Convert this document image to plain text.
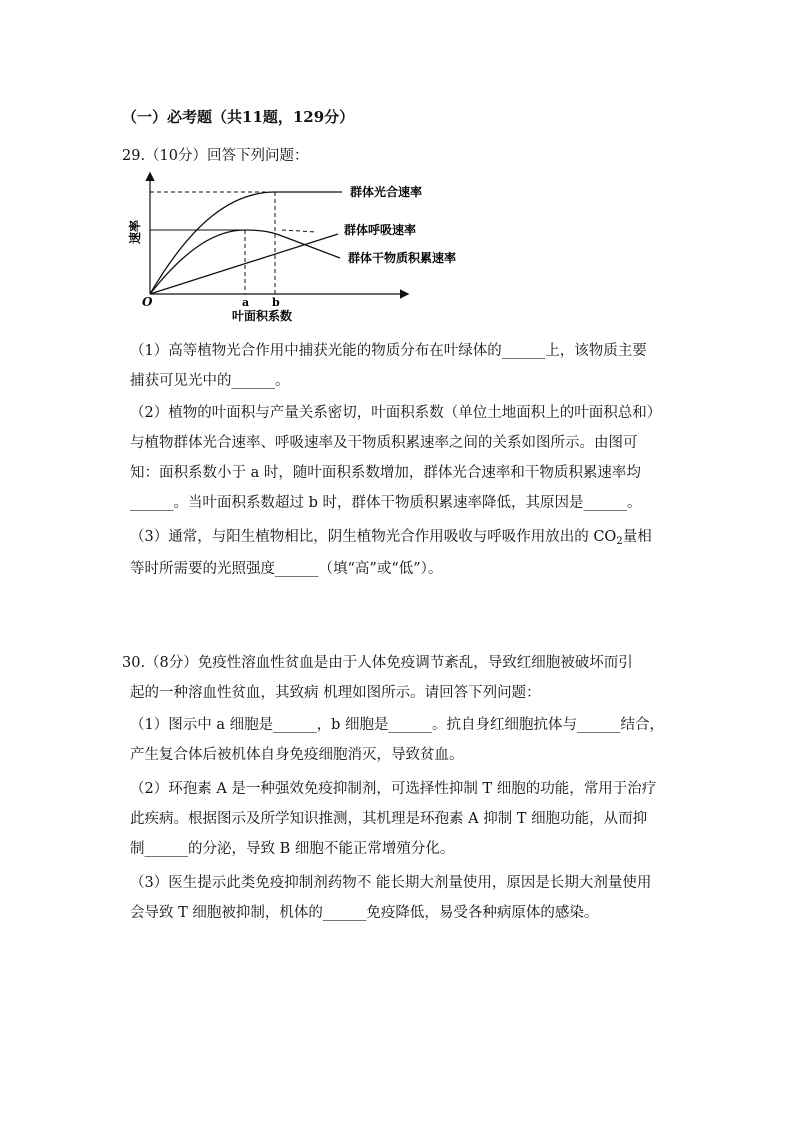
（一）必考题（共11题，129分）
29.（10分）回答下列问题：
群体光合速率
群体呼吸速率
群体干物质积累速率
速率
O	a b
叶面积系数
（1）高等植物光合作用中捕获光能的物质分布在叶绿体的______上，该物质主要
捕获可见光中的______。
（2）植物的叶面积与产量关系密切，叶面积系数（单位土地面积上的叶面积总和）
与植物群体光合速率、呼吸速率及干物质积累速率之间的关系如图所示。由图可
知：面积系数小于 a 时，随叶面积系数增加，群体光合速率和干物质积累速率均
______。当叶面积系数超过 b 时，群体干物质积累速率降低，其原因是______。
（3）通常，与阳生植物相比，阴生植物光合作用吸收与呼吸作用放出的 $CO_2$量相
等时所需要的光照强度______（填“高”或“低”）。
30.（8分）免疫性溶血性贫血是由于人体免疫调节紊乱，导致红细胞被破坏而引
起的一种溶血性贫血，其致病 机理如图所示。请回答下列问题：
（1）图示中 a 细胞是______，b 细胞是______。抗自身红细胞抗体与______结合，
产生复合体后被机体自身免疫细胞消灭，导致贫血。
（2）环孢素 A 是一种强效免疫抑制剂，可选择性抑制 T 细胞的功能，常用于治疗
此疾病。根据图示及所学知识推测，其机理是环孢素 A 抑制 T 细胞功能，从而抑
制______的分泌，导致 B 细胞不能正常增殖分化。
（3）医生提示此类免疫抑制剂药物不 能长期大剂量使用，原因是长期大剂量使用
会导致 T 细胞被抑制，机体的______免疫降低，易受各种病原体的感染。
